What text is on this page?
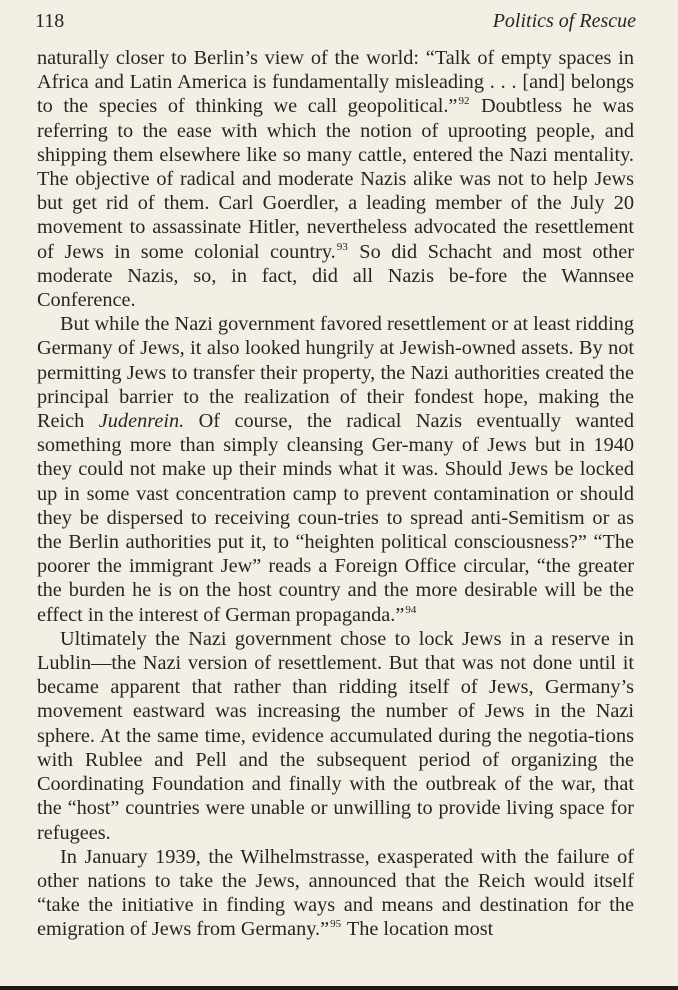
118	Politics of Rescue

naturally closer to Berlin’s view of the world: “Talk of empty spaces in Africa and Latin America is fundamentally misleading . . . [and] belongs to the species of thinking we call geopolitical.”$^{92}$ Doubtless he was referring to the ease with which the notion of uprooting people, and shipping them elsewhere like so many cattle, entered the Nazi mentality. The objective of radical and moderate Nazis alike was not to help Jews but get rid of them. Carl Goerdler, a leading member of the July 20 movement to assassinate Hitler, nevertheless advocated the resettlement of Jews in some colonial country.$^{93}$ So did Schacht and most other moderate Nazis, so, in fact, did all Nazis be-fore the Wannsee Conference.

But while the Nazi government favored resettlement or at least ridding Germany of Jews, it also looked hungrily at Jewish-owned assets. By not permitting Jews to transfer their property, the Nazi authorities created the principal barrier to the realization of their fondest hope, making the Reich Judenrein. Of course, the radical Nazis eventually wanted something more than simply cleansing Ger-many of Jews but in 1940 they could not make up their minds what it was. Should Jews be locked up in some vast concentration camp to prevent contamination or should they be dispersed to receiving coun-tries to spread anti-Semitism or as the Berlin authorities put it, to “heighten political consciousness?” “The poorer the immigrant Jew” reads a Foreign Office circular, “the greater the burden he is on the host country and the more desirable will be the effect in the interest of German propaganda.”$^{94}$

Ultimately the Nazi government chose to lock Jews in a reserve in Lublin—the Nazi version of resettlement. But that was not done until it became apparent that rather than ridding itself of Jews, Germany’s movement eastward was increasing the number of Jews in the Nazi sphere. At the same time, evidence accumulated during the negotia-tions with Rublee and Pell and the subsequent period of organizing the Coordinating Foundation and finally with the outbreak of the war, that the “host” countries were unable or unwilling to provide living space for refugees.

In January 1939, the Wilhelmstrasse, exasperated with the failure of other nations to take the Jews, announced that the Reich would itself “take the initiative in finding ways and means and destination for the emigration of Jews from Germany.”$^{95}$ The location most
